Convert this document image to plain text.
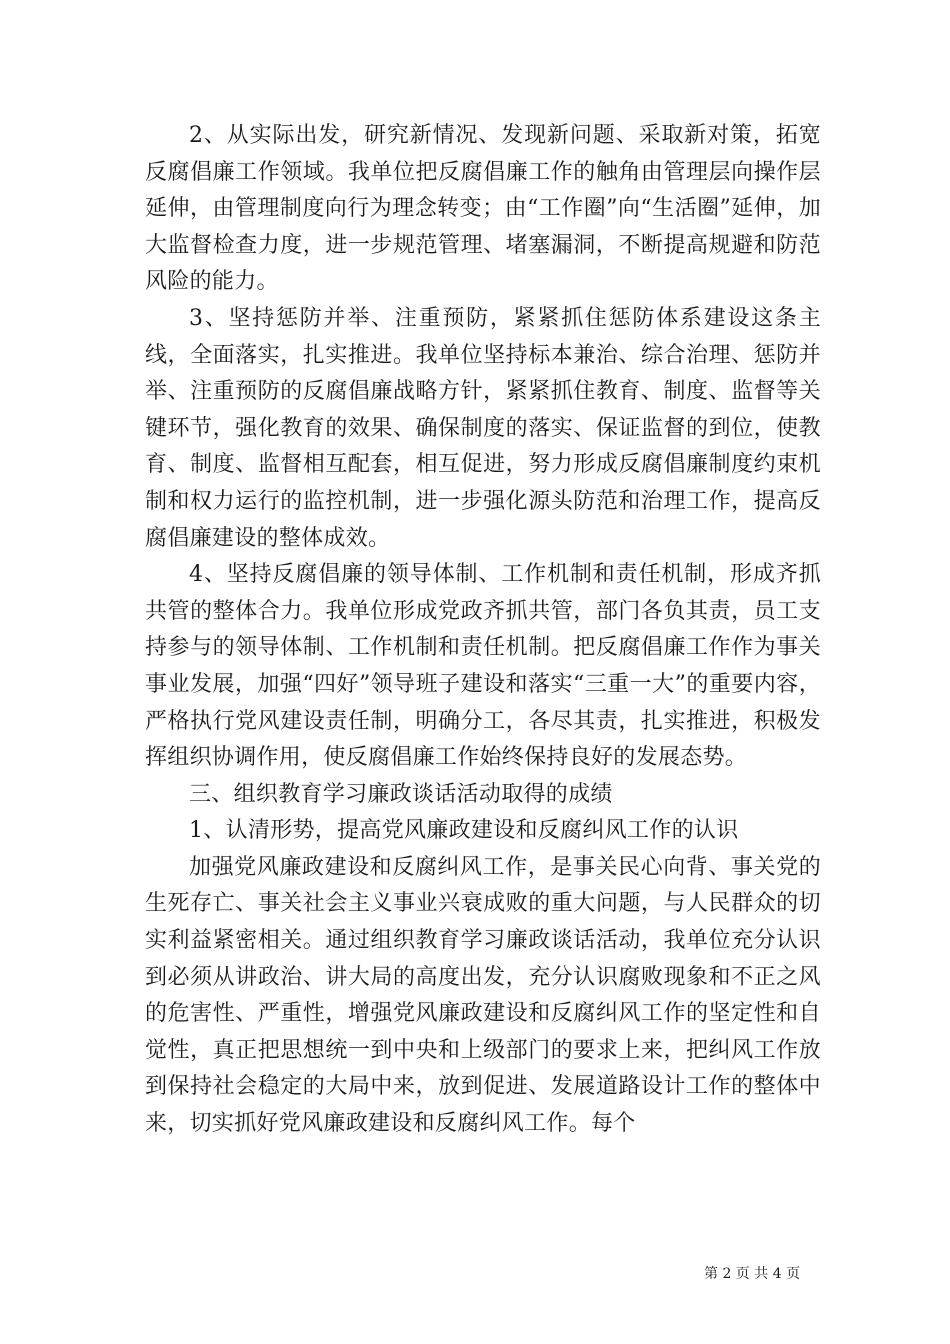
2、从实际出发，研究新情况、发现新问题、采取新对策，拓宽反腐倡廉工作领域。我单位把反腐倡廉工作的触角由管理层向操作层延伸，由管理制度向行为理念转变；由“工作圈”向“生活圈”延伸，加大监督检查力度，进一步规范管理、堵塞漏洞，不断提高规避和防范风险的能力。

3、坚持惩防并举、注重预防，紧紧抓住惩防体系建设这条主线，全面落实，扎实推进。我单位坚持标本兼治、综合治理、惩防并举、注重预防的反腐倡廉战略方针，紧紧抓住教育、制度、监督等关键环节，强化教育的效果、确保制度的落实、保证监督的到位，使教育、制度、监督相互配套，相互促进，努力形成反腐倡廉制度约束机制和权力运行的监控机制，进一步强化源头防范和治理工作，提高反腐倡廉建设的整体成效。

4、坚持反腐倡廉的领导体制、工作机制和责任机制，形成齐抓共管的整体合力。我单位形成党政齐抓共管，部门各负其责，员工支持参与的领导体制、工作机制和责任机制。把反腐倡廉工作作为事关事业发展，加强“四好”领导班子建设和落实“三重一大”的重要内容，严格执行党风建设责任制，明确分工，各尽其责，扎实推进，积极发挥组织协调作用，使反腐倡廉工作始终保持良好的发展态势。

三、组织教育学习廉政谈话活动取得的成绩

1、认清形势，提高党风廉政建设和反腐纠风工作的认识

加强党风廉政建设和反腐纠风工作，是事关民心向背、事关党的生死存亡、事关社会主义事业兴衰成败的重大问题，与人民群众的切实利益紧密相关。通过组织教育学习廉政谈话活动，我单位充分认识到必须从讲政治、讲大局的高度出发，充分认识腐败现象和不正之风的危害性、严重性，增强党风廉政建设和反腐纠风工作的坚定性和自觉性，真正把思想统一到中央和上级部门的要求上来，把纠风工作放到保持社会稳定的大局中来，放到促进、发展道路设计工作的整体中来，切实抓好党风廉政建设和反腐纠风工作。每个

第 2 页 共 4 页
